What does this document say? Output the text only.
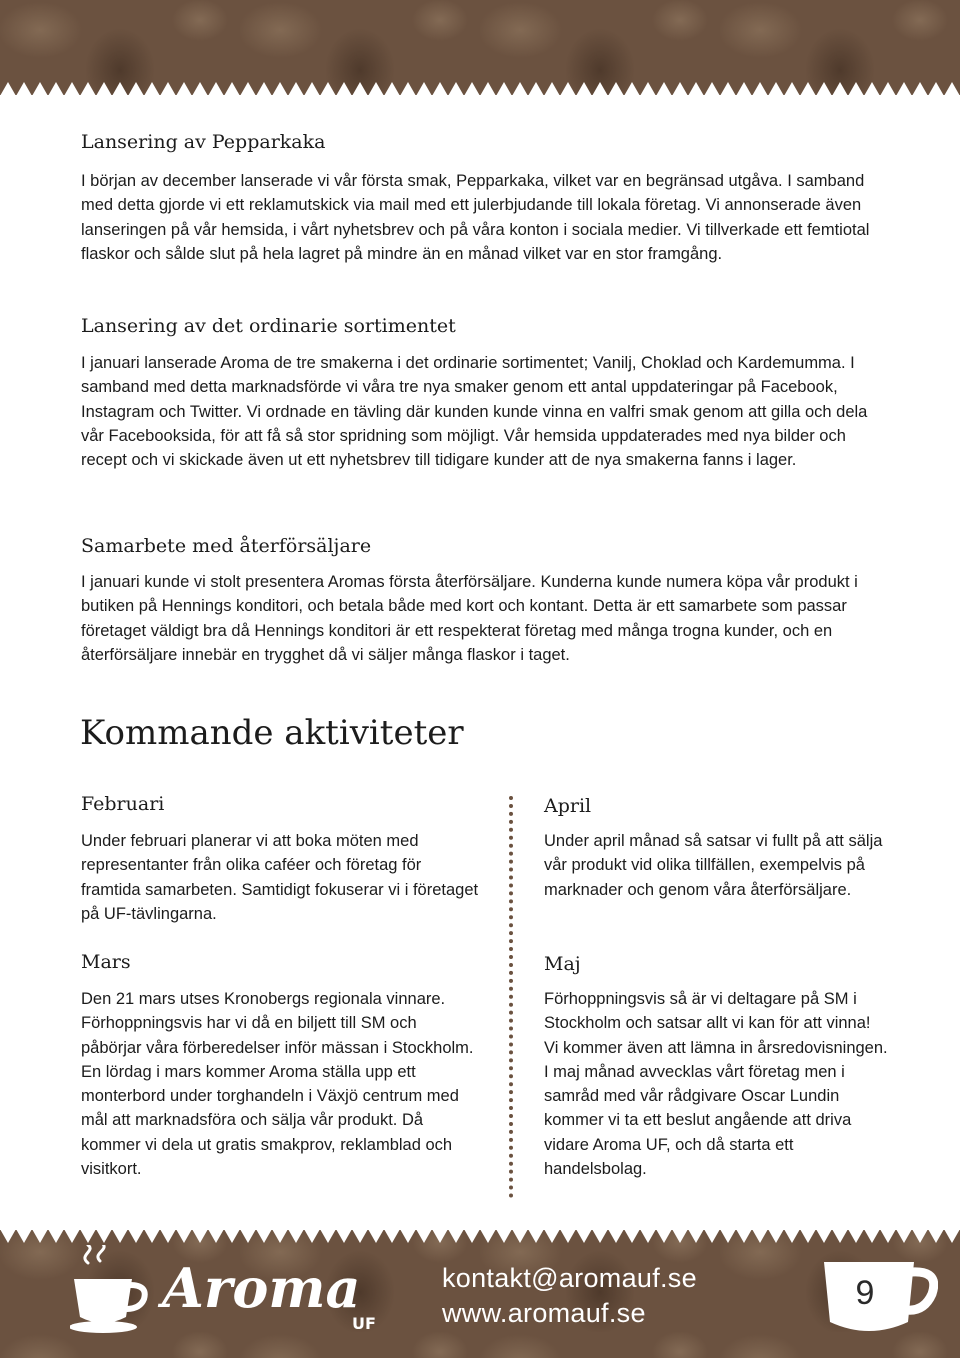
Lansering av Pepparkaka

I början av december lanserade vi vår första smak, Pepparkaka, vilket var en begränsad utgåva. I samband med detta gjorde vi ett reklamutskick via mail med ett julerbjudande till lokala företag. Vi annonserade även lanseringen på vår hemsida, i vårt nyhetsbrev och på våra konton i sociala medier. Vi tillverkade ett femtiotal flaskor och sålde slut på hela lagret på mindre än en månad vilket var en stor framgång.

Lansering av det ordinarie sortimentet

I januari lanserade Aroma de tre smakerna i det ordinarie sortimentet; Vanilj, Choklad och Kardemumma. I samband med detta marknadsförde vi våra tre nya smaker genom ett antal uppdateringar på Facebook, Instagram och Twitter. Vi ordnade en tävling där kunden kunde vinna en valfri smak genom att gilla och dela vår Facebooksida, för att få så stor spridning som möjligt. Vår hemsida uppdaterades med nya bilder och recept och vi skickade även ut ett nyhetsbrev till tidigare kunder att de nya smakerna fanns i lager.

Samarbete med återförsäljare

I januari kunde vi stolt presentera Aromas första återförsäljare. Kunderna kunde numera köpa vår produkt i butiken på Hennings konditori, och betala både med kort och kontant. Detta är ett samarbete som passar företaget väldigt bra då Hennings konditori är ett respekterat företag med många trogna kunder, och en återförsäljare innebär en trygghet då vi säljer många flaskor i taget.

Kommande aktiviteter
Februari

Under februari planerar vi att boka möten med representanter från olika caféer och företag för framtida samarbeten. Samtidigt fokuserar vi i företaget på UF-tävlingarna.

Mars

Den 21 mars utses Kronobergs regionala vinnare. Förhoppningsvis har vi då en biljett till SM och påbörjar våra förberedelser inför mässan i Stockholm. En lördag i mars kommer Aroma ställa upp ett monterbord under torghandeln i Växjö centrum med mål att marknadsföra och sälja vår produkt. Då kommer vi dela ut gratis smakprov, reklamblad och visitkort.

April

Under april månad så satsar vi fullt på att sälja vår produkt vid olika tillfällen, exempelvis på marknader och genom våra återförsäljare.

Maj

Förhoppningsvis så är vi deltagare på SM i Stockholm och satsar allt vi kan för att vinna! Vi kommer även att lämna in årsredovisningen. I maj månad avvecklas vårt företag men i samråd med vår rådgivare Oscar Lundin kommer vi ta ett beslut angående att driva vidare Aroma UF, och då starta ett handelsbolag.

Aroma
UF
kontakt@aromauf.se
www.aromauf.se
9
